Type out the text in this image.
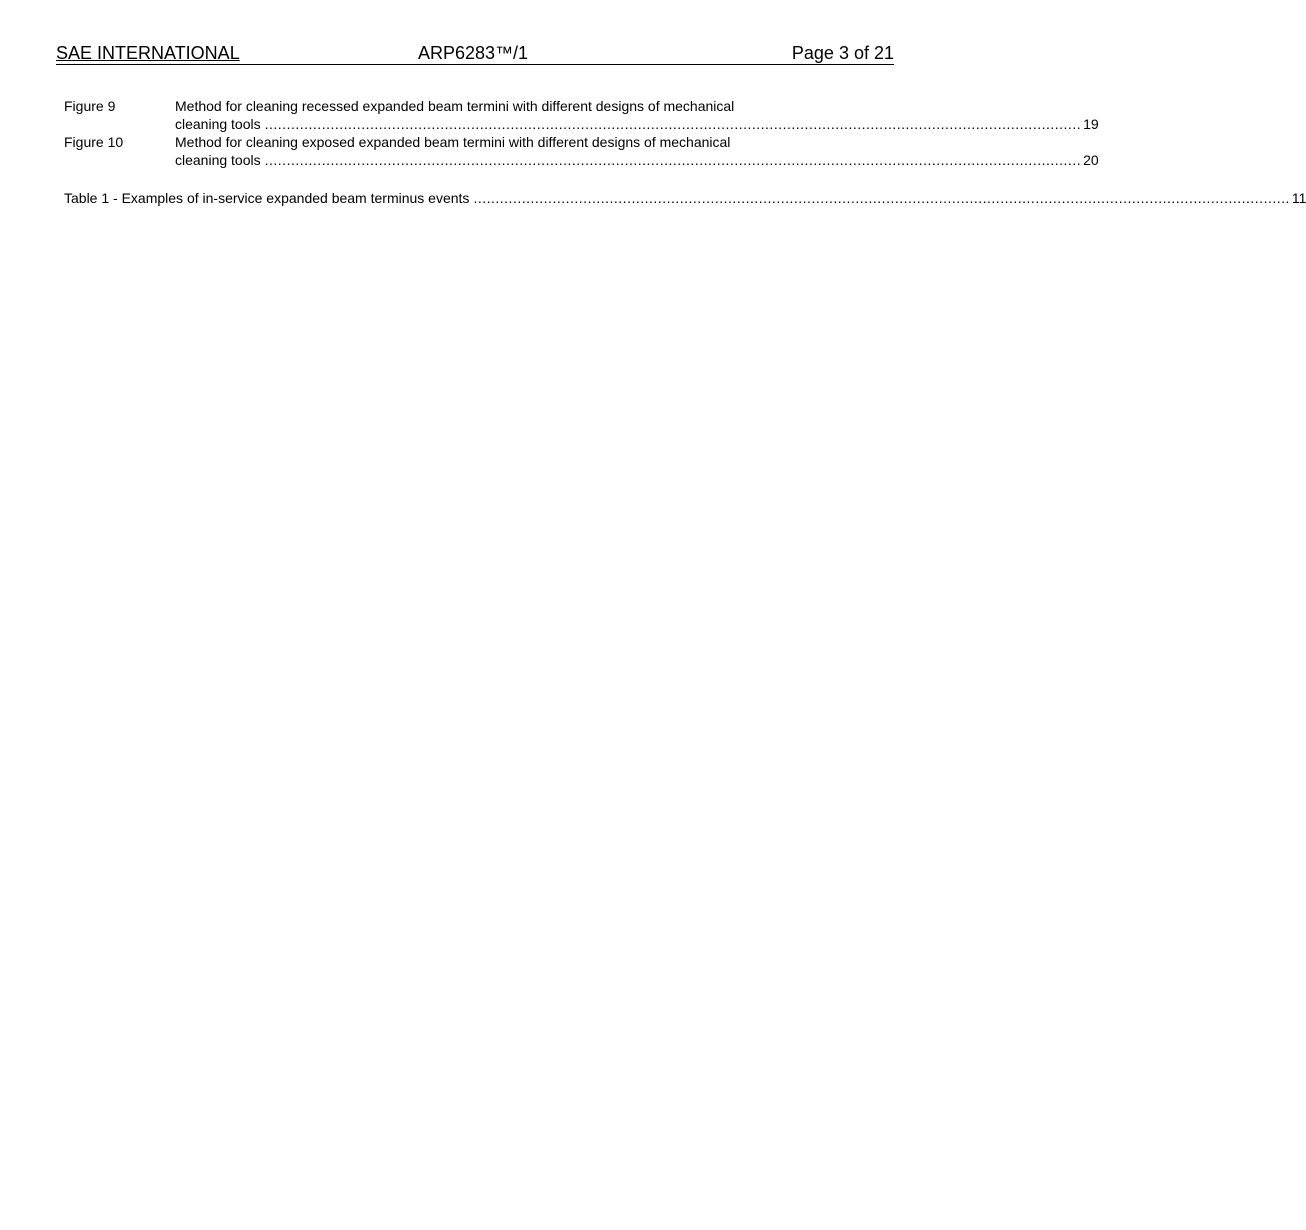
SAE INTERNATIONAL	ARP6283™/1	Page 3 of 21
Figure 9	Method for cleaning recessed expanded beam termini with different designs of mechanical
cleaning tools .......................................................................................................................................................................................... 19
Figure 10	Method for cleaning exposed expanded beam termini with different designs of mechanical
cleaning tools .......................................................................................................................................................................................... 20
Table 1 - Examples of in-service expanded beam terminus events .......................................................................................................................................................................................... 11
